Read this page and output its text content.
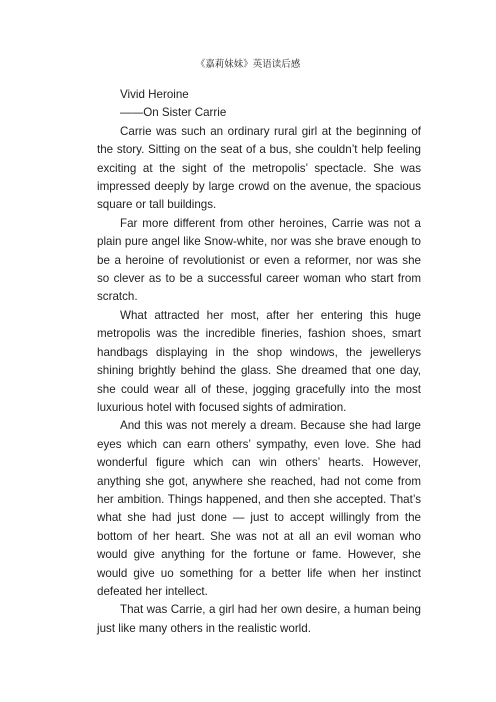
《嘉莉妹妹》英语读后感

Vivid Heroine

——On Sister Carrie

Carrie was such an ordinary rural girl at the beginning of the story. Sitting on the seat of a bus, she couldn’t help feeling exciting at the sight of the metropolis’ spectacle. She was impressed deeply by large crowd on the avenue, the spacious square or tall buildings.

Far more different from other heroines, Carrie was not a plain pure angel like Snow-white, nor was she brave enough to be a heroine of revolutionist or even a reformer, nor was she so clever as to be a successful career woman who start from scratch.

What attracted her most, after her entering this huge metropolis was the incredible fineries, fashion shoes, smart handbags displaying in the shop windows, the jewellerys shining brightly behind the glass. She dreamed that one day, she could wear all of these, jogging gracefully into the most luxurious hotel with focused sights of admiration.

And this was not merely a dream. Because she had large eyes which can earn others’ sympathy, even love. She had wonderful figure which can win others’ hearts. However, anything she got, anywhere she reached, had not come from her ambition. Things happened, and then she accepted. That’s what she had just done — just to accept willingly from the bottom of her heart. She was not at all an evil woman who would give anything for the fortune or fame. However, she would give uo something for a better life when her instinct defeated her intellect.

That was Carrie, a girl had her own desire, a human being just like many others in the realistic world.
